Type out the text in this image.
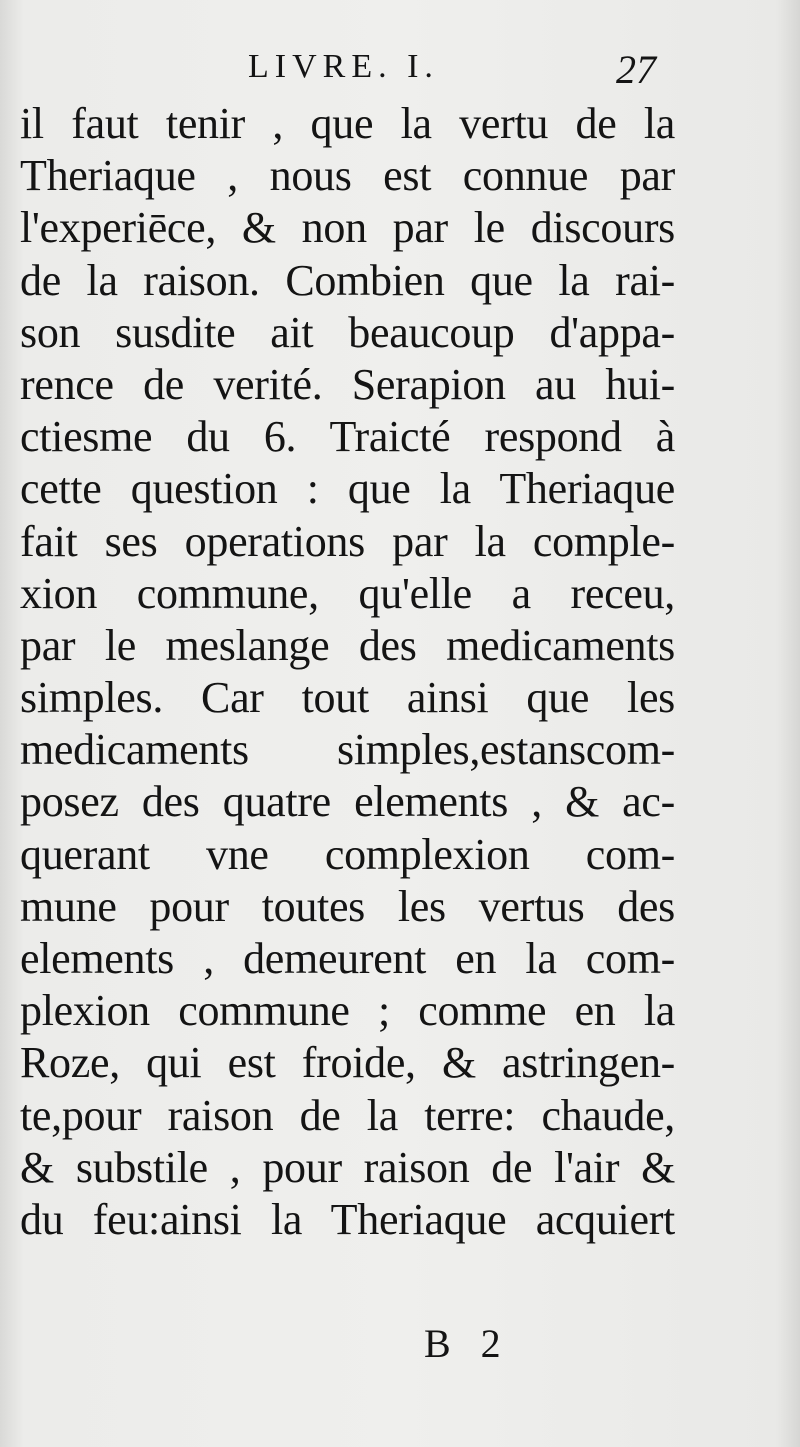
LIVRE. I.	27
il faut tenir , que la vertu de la
Theriaque , nous est connue par
l'experiēce, & non par le discours
de la raison. Combien que la rai-
son susdite ait beaucoup d'appa-
rence de verité. Serapion au hui-
ctiesme du 6. Traicté respond à
cette question : que la Theriaque
fait ses operations par la comple-
xion commune, qu'elle a receu,
par le meslange des medicaments
simples. Car tout ainsi que les
medicaments simples,estanscom-
posez des quatre elements , & ac-
querant vne complexion com-
mune pour toutes les vertus des
elements , demeurent en la com-
plexion commune ; comme en la
Roze, qui est froide, & astringen-
te,pour raison de la terre: chaude,
& substile , pour raison de l'air &
du feu:ainsi la Theriaque acquiert
B 2
